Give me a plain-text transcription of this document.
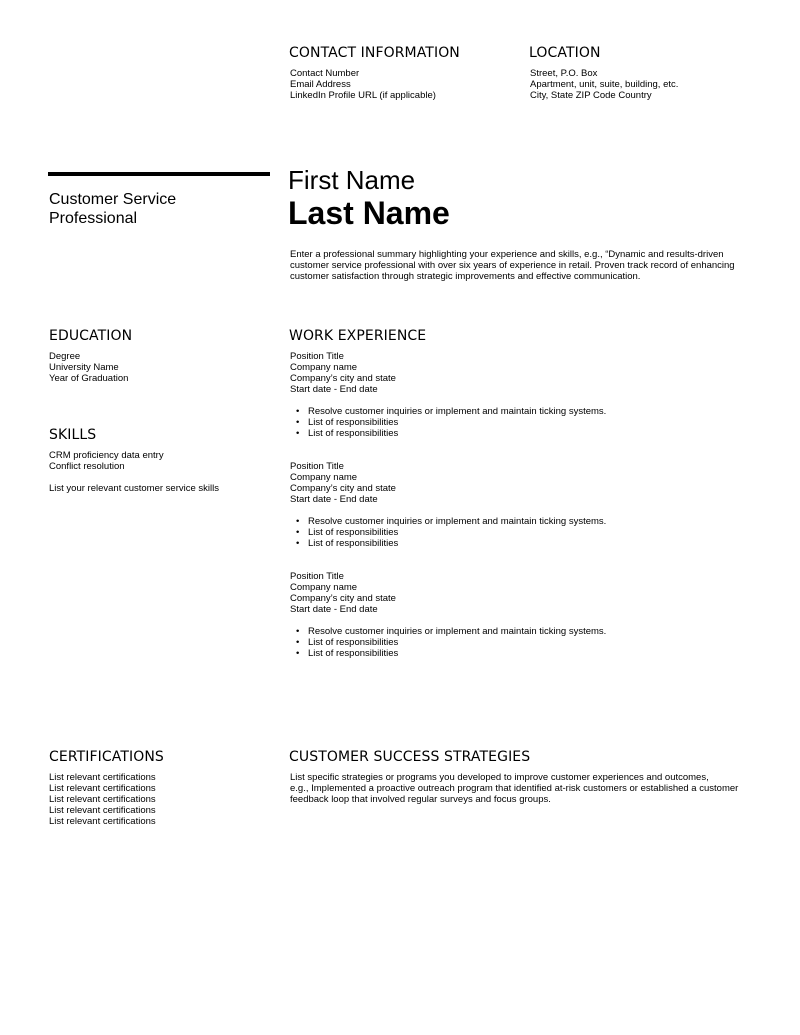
CONTACT INFORMATION
Contact Number
Email Address
LinkedIn Profile URL (if applicable)
LOCATION
Street, P.O. Box
Apartment, unit, suite, building, etc.
City, State ZIP Code Country
Customer Service
Professional
First Name
Last Name
Enter a professional summary highlighting your experience and skills, e.g., “Dynamic and results-driven
customer service professional with over six years of experience in retail. Proven track record of enhancing
customer satisfaction through strategic improvements and effective communication.
EDUCATION
Degree
University Name
Year of Graduation
SKILLS
CRM proficiency data entry
Conflict resolution
List your relevant customer service skills
WORK EXPERIENCE
Position Title
Company name
Company’s city and state
Start date - End date
• Resolve customer inquiries or implement and maintain ticking systems.
• List of responsibilities
• List of responsibilities
Position Title
Company name
Company’s city and state
Start date - End date
• Resolve customer inquiries or implement and maintain ticking systems.
• List of responsibilities
• List of responsibilities
Position Title
Company name
Company’s city and state
Start date - End date
• Resolve customer inquiries or implement and maintain ticking systems.
• List of responsibilities
• List of responsibilities
CERTIFICATIONS
List relevant certifications
List relevant certifications
List relevant certifications
List relevant certifications
List relevant certifications
CUSTOMER SUCCESS STRATEGIES
List specific strategies or programs you developed to improve customer experiences and outcomes,
e.g., Implemented a proactive outreach program that identified at-risk customers or established a customer
feedback loop that involved regular surveys and focus groups.
